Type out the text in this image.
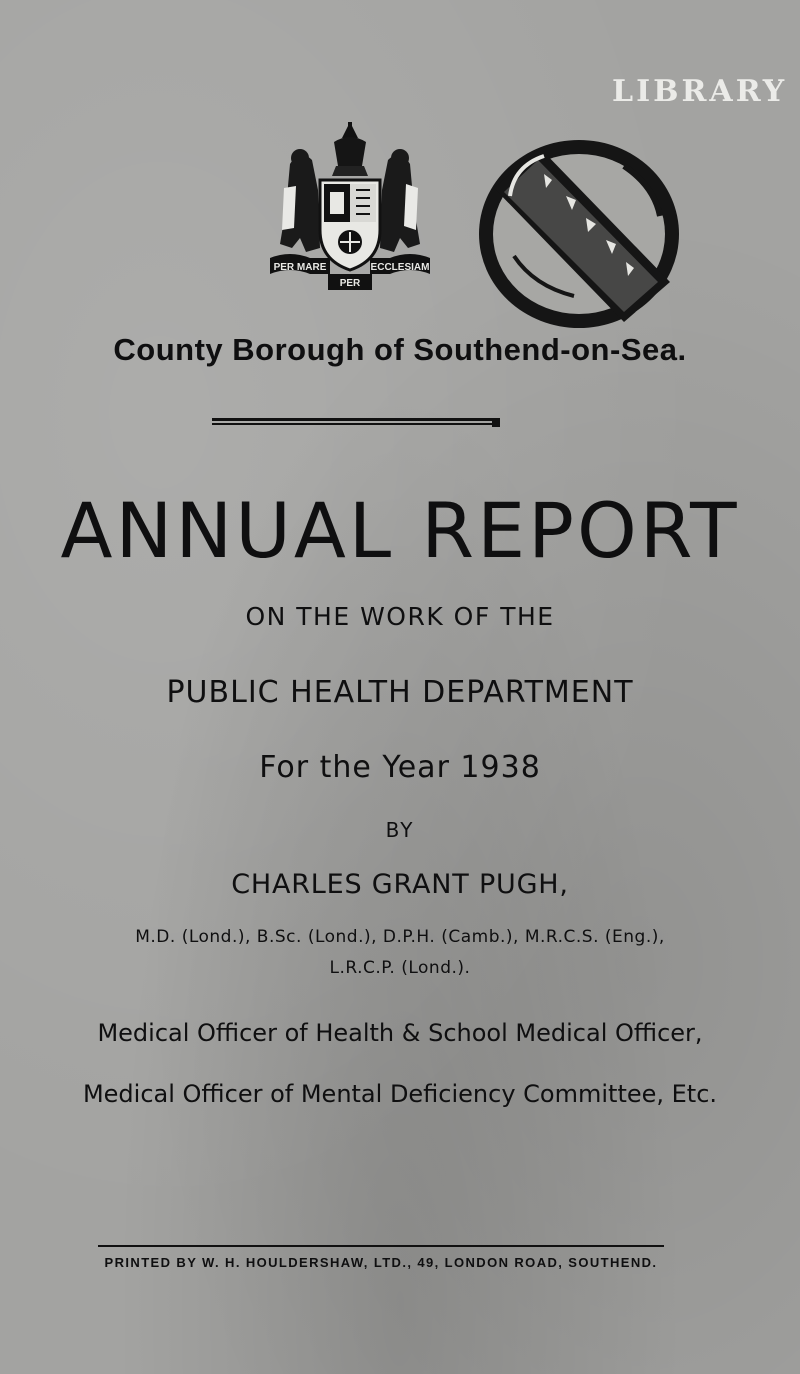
LIBRARY
PER MARE	ECCLESIAM
PER
County Borough of Southend-on-Sea.
ANNUAL REPORT
ON THE WORK OF THE
PUBLIC HEALTH DEPARTMENT
For the Year 1938
BY
CHARLES GRANT PUGH,
M.D. (Lond.), B.Sc. (Lond.), D.P.H. (Camb.), M.R.C.S. (Eng.),
L.R.C.P. (Lond.).
Medical Officer of Health & School Medical Officer,
Medical Officer of Mental Deficiency Committee, Etc.
PRINTED BY W. H. HOULDERSHAW, LTD., 49, LONDON ROAD, SOUTHEND.
